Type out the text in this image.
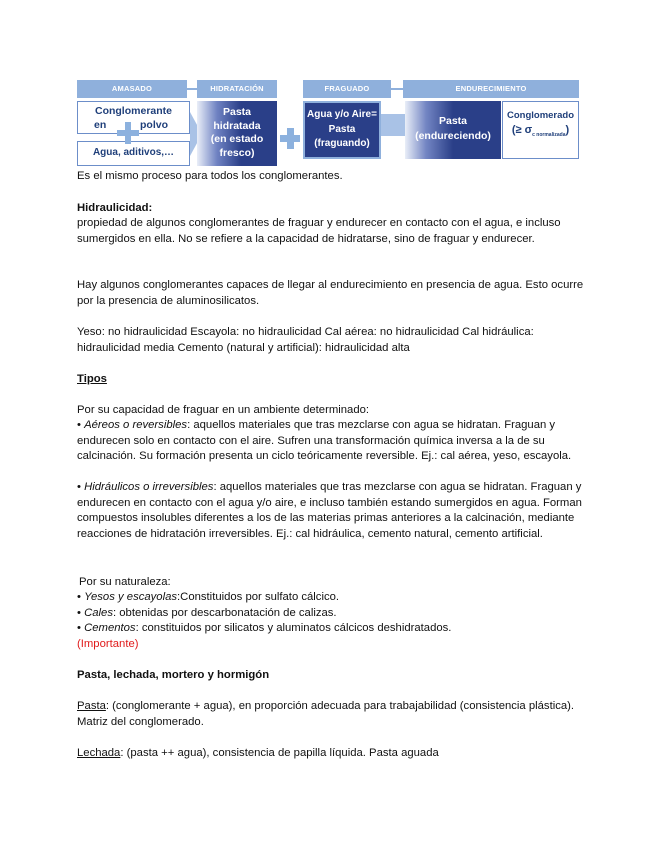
AMASADO	HIDRATACIÓN	FRAGUADO	ENDURECIMIENTO
Conglomerante
en	polvo
Agua, aditivos,…
Pasta
hidratada
(en estado
fresco)
Agua y/o Aire=
Pasta
(fraguando)
Pasta
(endureciendo)
Conglomerado
(≥ $\sigma_{c normalizada}$)

Es el mismo proceso para todos los conglomerantes.

Hidraulicidad:

propiedad de algunos conglomerantes de fraguar y endurecer en contacto con el agua, e incluso sumergidos en ella. No se refiere a la capacidad de hidratarse, sino de fraguar y endurecer.

Hay algunos conglomerantes capaces de llegar al endurecimiento en presencia de agua. Esto ocurre por la presencia de aluminosilicatos.

Yeso: no hidraulicidad Escayola: no hidraulicidad Cal aérea: no hidraulicidad Cal hidráulica: hidraulicidad media Cemento (natural y artificial): hidraulicidad alta

Tipos

Por su capacidad de fraguar en un ambiente determinado:

• Aéreos o reversibles: aquellos materiales que tras mezclarse con agua se hidratan. Fraguan y endurecen solo en contacto con el aire. Sufren una transformación química inversa a la de su calcinación. Su formación presenta un ciclo teóricamente reversible. Ej.: cal aérea, yeso, escayola.

• Hidráulicos o irreversibles: aquellos materiales que tras mezclarse con agua se hidratan. Fraguan y endurecen en contacto con el agua y/o aire, e incluso también estando sumergidos en agua. Forman compuestos insolubles diferentes a los de las materias primas anteriores a la calcinación, mediante reacciones de hidratación irreversibles. Ej.: cal hidráulica, cemento natural, cemento artificial.

Por su naturaleza:

• Yesos y escayolas:Constituidos por sulfato cálcico.

• Cales: obtenidas por descarbonatación de calizas.

• Cementos: constituidos por silicatos y aluminatos cálcicos deshidratados.

(Importante)

Pasta, lechada, mortero y hormigón

Pasta: (conglomerante + agua), en proporción adecuada para trabajabilidad (consistencia plástica). Matriz del conglomerado.

Lechada: (pasta ++ agua), consistencia de papilla líquida. Pasta aguada
